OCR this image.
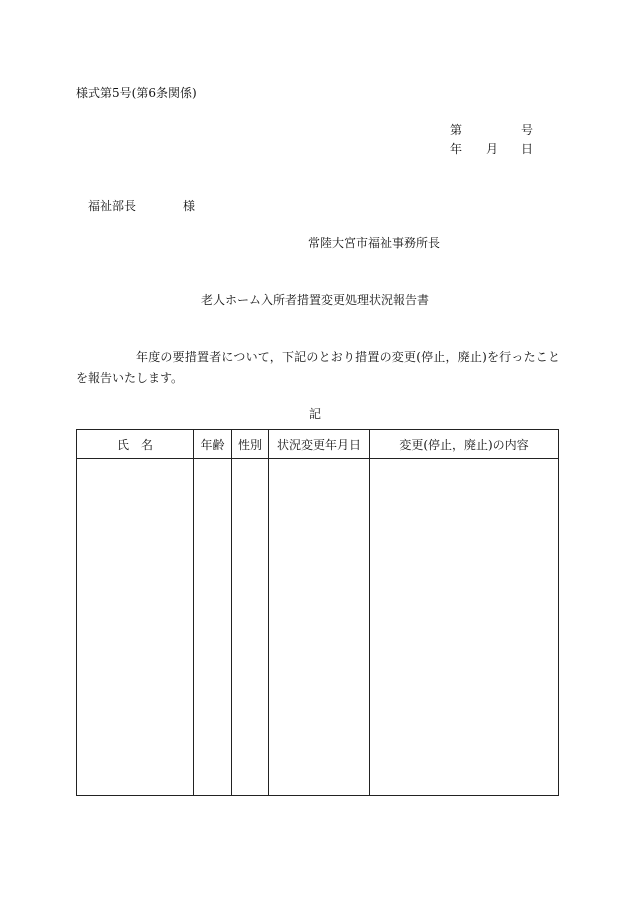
様式第5号(第6条関係)
第	号
年 月 日
福祉部長	様
常陸大宮市福祉事務所長
老人ホーム入所者措置変更処理状況報告書
年度の要措置者について，下記のとおり措置の変更(停止，廃止)を行ったことを報告いたします。
記
氏　名	年齢	性別	状況変更年月日	変更(停止，廃止)の内容
